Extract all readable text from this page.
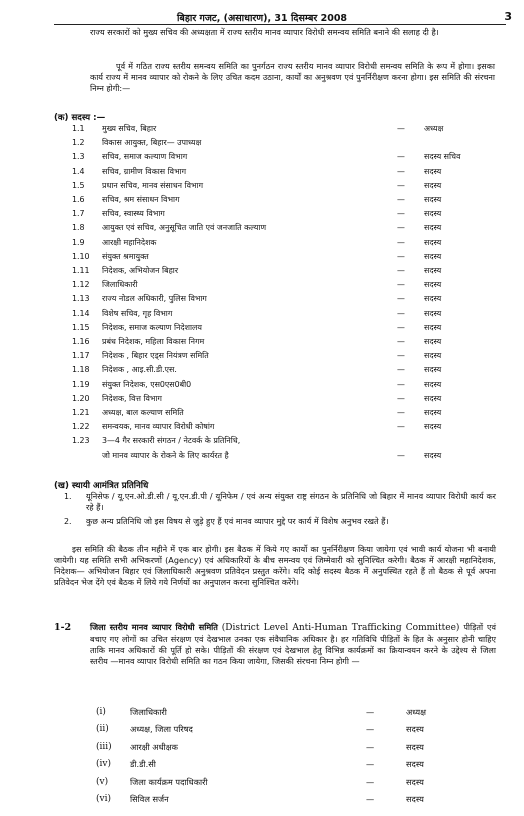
बिहार गजट, (असाधारण), 31 दिसम्बर 2008	3
राज्य सरकारों को मुख्य सचिव की अध्यक्षता में राज्य स्तरीय मानव व्यापार विरोधी समन्वय समिति बनाने की सलाह दी है।
पूर्व में गठित राज्य स्तरीय समन्वय समिति का पुनर्गठन राज्य स्तरीय मानव व्यापार विरोधी समन्वय समिति के रूप में होगा। इसका कार्य राज्य में मानव व्यापार को रोकने के लिए उचित कदम उठाना, कार्यों का अनुश्रवण एवं पुनर्निरीक्षण करना होगा। इस समिति की संरचना निम्न होगी:—
(क) सदस्य :—
1.1 मुख्य सचिव, बिहार	— अध्यक्ष
1.2 विकास आयुक्त, बिहार— उपाध्यक्ष
1.3 सचिव, समाज कल्याण विभाग	— सदस्य सचिव
1.4 सचिव, ग्रामीण विकास विभाग	— सदस्य
1.5 प्रधान सचिव, मानव संसाधन विभाग	— सदस्य
1.6 सचिव, श्रम संसाधन विभाग	— सदस्य
1.7 सचिव, स्वास्थ्य विभाग	— सदस्य
1.8 आयुक्त एवं सचिव, अनुसूचित जाति एवं जनजाति कल्याण	— सदस्य
1.9 आरक्षी महानिदेशक	— सदस्य
1.10 संयुक्त श्रमायुक्त	— सदस्य
1.11 निदेशक, अभियोजन बिहार	— सदस्य
1.12 जिलाधिकारी	— सदस्य
1.13 राज्य नोडल अधिकारी, पुलिस विभाग	— सदस्य
1.14 विशेष सचिव, गृह विभाग	— सदस्य
1.15 निदेशक, समाज कल्याण निदेशालय	— सदस्य
1.16 प्रबंध निदेशक, महिला विकास निगम	— सदस्य
1.17 निदेशक , बिहार एड्स नियंत्रण समिति	— सदस्य
1.18 निदेशक , आइ.सी.डी.एस.	— सदस्य
1.19 संयुक्त निदेशक, एस0एस0बी0	— सदस्य
1.20 निदेशक, वित्त विभाग	— सदस्य
1.21 अध्यक्ष, बाल कल्याण समिति	— सदस्य
1.22 समन्वयक, मानव व्यापार विरोधी कोषांग	— सदस्य
1.23 3—4 गैर सरकारी संगठन / नेटवर्क के प्रतिनिधि,
जो मानव व्यापार के रोकने के लिए कार्यरत है	— सदस्य
(ख) स्थायी आमंत्रित प्रतिनिधि
1. यूनिसेफ / यू.एन.ओ.डी.सी / यू.एन.डी.पी / यूनिफेम / एवं अन्य संयुक्त राष्ट्र संगठन के प्रतिनिधि जो बिहार में मानव व्यापार विरोधी कार्य कर रहे हैं।
2. कुछ अन्य प्रतिनिधि जो इस विषय से जुड़े हुए हैं एवं मानव व्यापार मुद्दे पर कार्य में विशेष अनुभव रखते हैं।
इस समिति की बैठक तीन महीने में एक बार होगी। इस बैठक में किये गए कार्यो का पुनर्निरीक्षण किया जायेगा एवं भावी कार्य योजना भी बनायी जायेगी। यह समिति सभी अभिकरणों (Agency) एवं अधिकारियों के बीच समन्वय एवं जिम्मेवारी को सुनिश्चित करेगी। बैठक में आरक्षी महानिदेशक, निदेशक— अभियोजन बिहार एवं जिलाधिकारी अनुश्रवण प्रतिवेदन प्रस्तुत करेंगे। यदि कोई सदस्य बैठक में अनुपस्थित रहते हैं तो बैठक से पूर्व अपना प्रतिवेदन भेज देंगे एवं बैठक में लिये गये निर्णयों का अनुपालन करना सुनिश्चित करेंगे।
1-2 जिला स्तरीय मानव व्यापार विरोधी समिति (District Level Anti-Human Trafficking Committee) पीड़ितों एवं बचाए गए लोगों का उचित संरक्षण एवं देखभाल उनका एक संवैधानिक अधिकार है। हर गतिविधि पीड़ितों के हित के अनुसार होनी चाहिए ताकि मानव अधिकारों की पूर्ति हो सके। पीड़ितों की संरक्षण एवं देखभाल हेतु विभिन्न कार्यक्रमों का क्रियान्वयन करने के उद्देश्य से जिला स्तरीय —मानव व्यापार विरोधी समिति का गठन किया जायेगा, जिसकी संरचना निम्न होगी —
(i)	जिलाधिकारी	—	अध्यक्ष
(ii)	अध्यक्ष, जिला परिषद	—	सदस्य
(iii) आरक्षी अधीक्षक	—	सदस्य
(iv) डी.डी.सी	—	सदस्य
(v)	जिला कार्यक्रम पदाधिकारी	—	सदस्य
(vi) सिविल सर्जन	—	सदस्य
